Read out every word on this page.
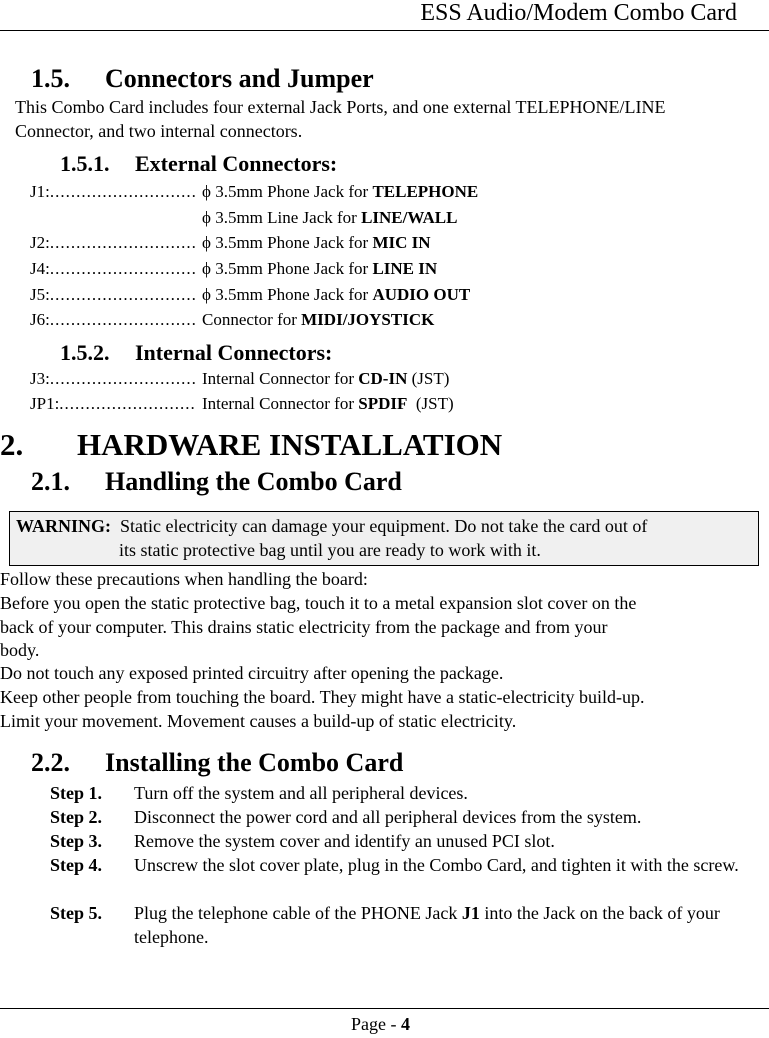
ESS Audio/Modem Combo Card
1.5. Connectors and Jumper
This Combo Card includes four external Jack Ports, and one external TELEPHONE/LINE
Connector, and two internal connectors.
1.5.1. External Connectors:
J1:............................ ϕ 3.5mm Phone Jack for TELEPHONE
ϕ 3.5mm Line Jack for LINE/WALL
J2:............................ ϕ 3.5mm Phone Jack for MIC IN
J4:............................ ϕ 3.5mm Phone Jack for LINE IN
J5:............................ ϕ 3.5mm Phone Jack for AUDIO OUT
J6:............................ Connector for MIDI/JOYSTICK
1.5.2. Internal Connectors:
J3:............................ Internal Connector for CD-IN (JST)
JP1:.......................... Internal Connector for SPDIF  (JST)
2. HARDWARE INSTALLATION
2.1. Handling the Combo Card
WARNING: Static electricity can damage your equipment. Do not take the card out of
its static protective bag until you are ready to work with it.
Follow these precautions when handling the board:
Before you open the static protective bag, touch it to a metal expansion slot cover on the
back of your computer. This drains static electricity from the package and from your
body.
Do not touch any exposed printed circuitry after opening the package.
Keep other people from touching the board. They might have a static-electricity build-up.
Limit your movement. Movement causes a build-up of static electricity.
2.2. Installing the Combo Card
Step 1. Turn off the system and all peripheral devices.
Step 2. Disconnect the power cord and all peripheral devices from the system.
Step 3. Remove the system cover and identify an unused PCI slot.
Step 4. Unscrew the slot cover plate, plug in the Combo Card, and tighten it with the screw.
Step 5. Plug the telephone cable of the PHONE Jack J1 into the Jack on the back of your telephone.
Page - 4
